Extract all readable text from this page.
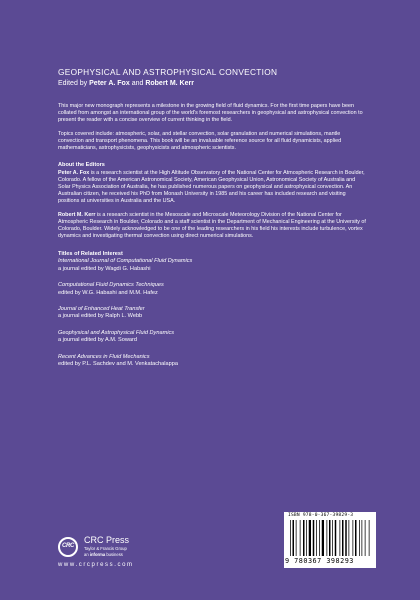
GEOPHYSICAL AND ASTROPHYSICAL CONVECTION
Edited by Peter A. Fox and Robert M. Kerr

This major new monograph represents a milestone in the growing field of fluid dynamics. For the first time papers have been collated from amongst an international group of the world's foremost researchers in geophysical and astrophysical convection to present the reader with a concise overview of current thinking in the field.

Topics covered include: atmospheric, solar, and stellar convection, solar granulation and numerical simulations, mantle convection and transport phenomena. This book will be an invaluable reference source for all fluid dynamicists, applied mathematicians, astrophysicists, geophysicists and atmospheric scientists.

About the Editors

Peter A. Fox is a research scientist at the High Altitude Observatory of the National Center for Atmospheric Research in Boulder, Colorado. A fellow of the American Astronomical Society, American Geophysical Union, Astronomical Society of Australia and Solar Physics Association of Australia, he has published numerous papers on geophysical and astrophysical convection. An Australian citizen, he received his PhD from Monash University in 1985 and his career has included research and visiting positions at universities in Australia and the USA.

Robert M. Kerr is a research scientist in the Mesoscale and Microscale Meteorology Division of the National Center for Atmospheric Research in Boulder, Colorado and a staff scientist in the Department of Mechanical Engineering at the University of Colorado, Boulder. Widely acknowledged to be one of the leading researchers in his field his interests include turbulence, vortex dynamics and investigating thermal convection using direct numerical simulations.

Titles of Related Interest
International Journal of Computational Fluid Dynamics
a journal edited by Wagdi G. Habashi
Computational Fluid Dynamics Techniques
edited by W.G. Habashi and M.M. Hafez
Journal of Enhanced Heat Transfer
a journal edited by Ralph L. Webb
Geophysical and Astrophysical Fluid Dynamics
a journal edited by A.M. Soward
Recent Advances in Fluid Mechanics
edited by P.L. Sachdev and M. Venkatachalappa
CRC
CRC Press
Taylor & Francis Group
an informa business
www.crcpress.com
ISBN 978-0-367-39829-3
9 780367 398293
